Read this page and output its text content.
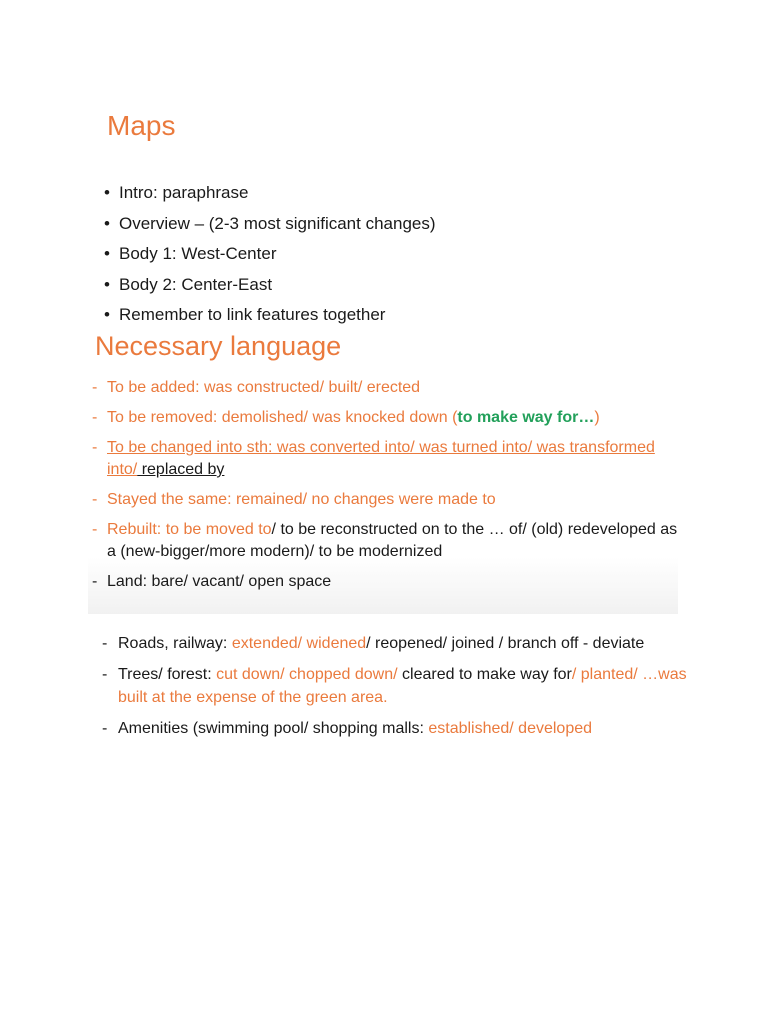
Maps
• Intro: paraphrase
• Overview – (2-3 most significant changes)
• Body 1: West-Center
• Body 2: Center-East
• Remember to link features together
Necessary language
- To be added: was constructed/ built/ erected
- To be removed: demolished/ was knocked down (to make way for…)
- To be changed into sth: was converted into/ was turned into/ was transformed into/ replaced by
- Stayed the same: remained/ no changes were made to
- Rebuilt: to be moved to/ to be reconstructed on to the … of/ (old) redeveloped as a (new-bigger/more modern)/ to be modernized
- Land: bare/ vacant/ open space
- Roads, railway: extended/ widened/ reopened/ joined / branch off - deviate
- Trees/ forest: cut down/ chopped down/ cleared to make way for/ planted/ …was built at the expense of the green area.
- Amenities (swimming pool/ shopping malls: established/ developed
